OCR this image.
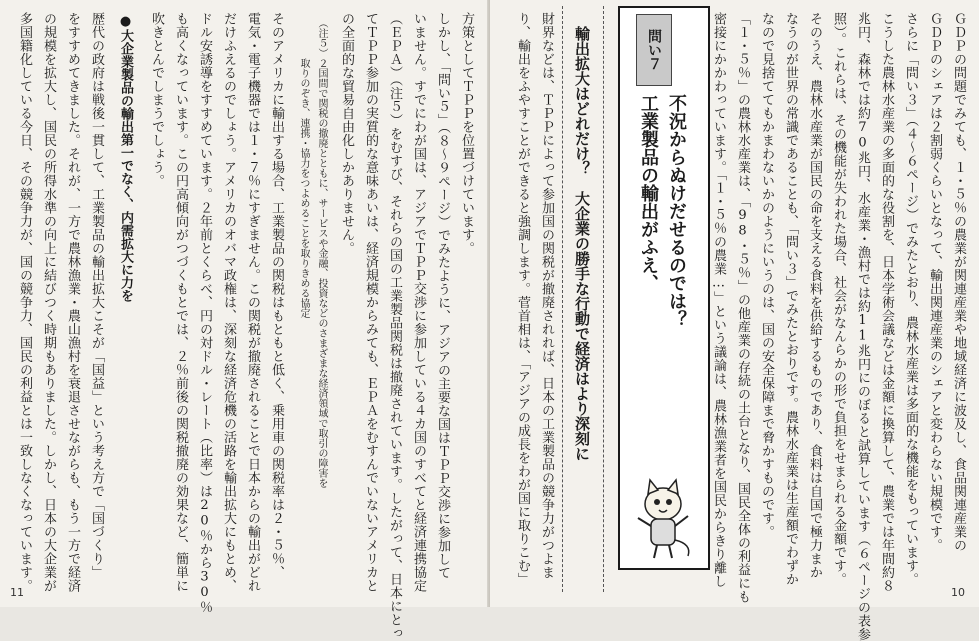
方策としてＴＰＰを位置づけています。
しかし、「問い５」（８〜９ページ）でみたように、アジアの主要な国はＴＰＰ交渉に参加して
いません。すでにわが国は、アジアでＴＰＰ交渉に参加している４カ国のすべてと経済連携協定
（ＥＰＡ）（注５）をむすび、それらの国の工業製品関税は撤廃されています。したがって、日本にとっ
てＴＰＰ参加の実質的な意味あいは、経済規模からみても、ＥＰＡをむすんでいないアメリカと
の全面的な貿易自由化しかありません。
（注５）２国間で関税の撤廃とともに、サービスや金融、投資などのさまざまな経済領域で取引の障害を
　　　　取りのぞき、連携・協力をつよめることを取りきめる協定
そのアメリカに輸出する場合、工業製品の関税はもともと低く、乗用車の関税率は２・５％、
電気・電子機器では１・７％にすぎません。この関税が撤廃されることで日本からの輸出がどれ
だけふえるのでしょう。アメリカのオバマ政権は、深刻な経済危機の活路を輸出拡大にもとめ、
ドル安誘導をすすめています。２年前とくらべ、円の対ドル・レート（比率）は20％から30％
も高くなっています。この円高傾向がつづくもとでは、２％前後の関税撤廃の効果など、簡単に
吹きとんでしまうでしょう。
●大企業製品の輸出第一でなく、内需拡大に力を
歴代の政府は戦後一貫して、工業製品の輸出拡大こそが「国益」という考え方で「国づくり」
をすすめてきました。それが、一方で農林漁業・農山漁村を衰退させながらも、もう一方で経済
の規模を拡大し、国民の所得水準の向上に結びつく時期もありました。しかし、日本の大企業が
多国籍化している今日、その競争力が、国の競争力、国民の利益とは一致しなくなっています。
11
ＧＤＰの問題でみても、１・５％の農業が関連産業や地域経済に波及し、食品関連産業の
ＧＤＰのシェアは２割弱くらいとなって、輸出関連産業のシェアと変わらない規模です。
さらに「問い３」（４〜６ページ）でみたとおり、農林水産業は多面的な機能をもっています。
こうした農林水産業の多面的な役割を、日本学術会議などは金額に換算して、農業では年間約８
兆円、森林では約70兆円、水産業・漁村では約11兆円にのぼると試算しています（６ページの表参
照）。これらは、その機能が失われた場合、社会がなんらかの形で負担をせまられる金額です。
そのうえ、農林水産業が国民の命を支える食料を供給するものであり、食料は自国で極力まか
なうのが世界の常識であることも、「問い３」でみたとおりです。農林水産業は生産額でわずか
なので見捨ててもかまわないかのようにいうのは、国の安全保障まで脅かすものです。
「１・５％」の農林水産業は、「98・５％」の他産業の存続の土台となり、国民全体の利益にも
密接にかかわっています。「１・５％の農業…」という議論は、農林漁業者を国民からきり離し
10
問い７
工業製品の輸出がふえ、 不況からぬけだせるのでは？
輸出拡大はどれだけ？　大企業の勝手な行動で経済はより深刻に
財界などは、ＴＰＰによって参加国の関税が撤廃されれば、日本の工業製品の競争力がつよま
り、輸出をふやすことができると強調します。菅首相は、「アジアの成長をわが国に取りこむ」
